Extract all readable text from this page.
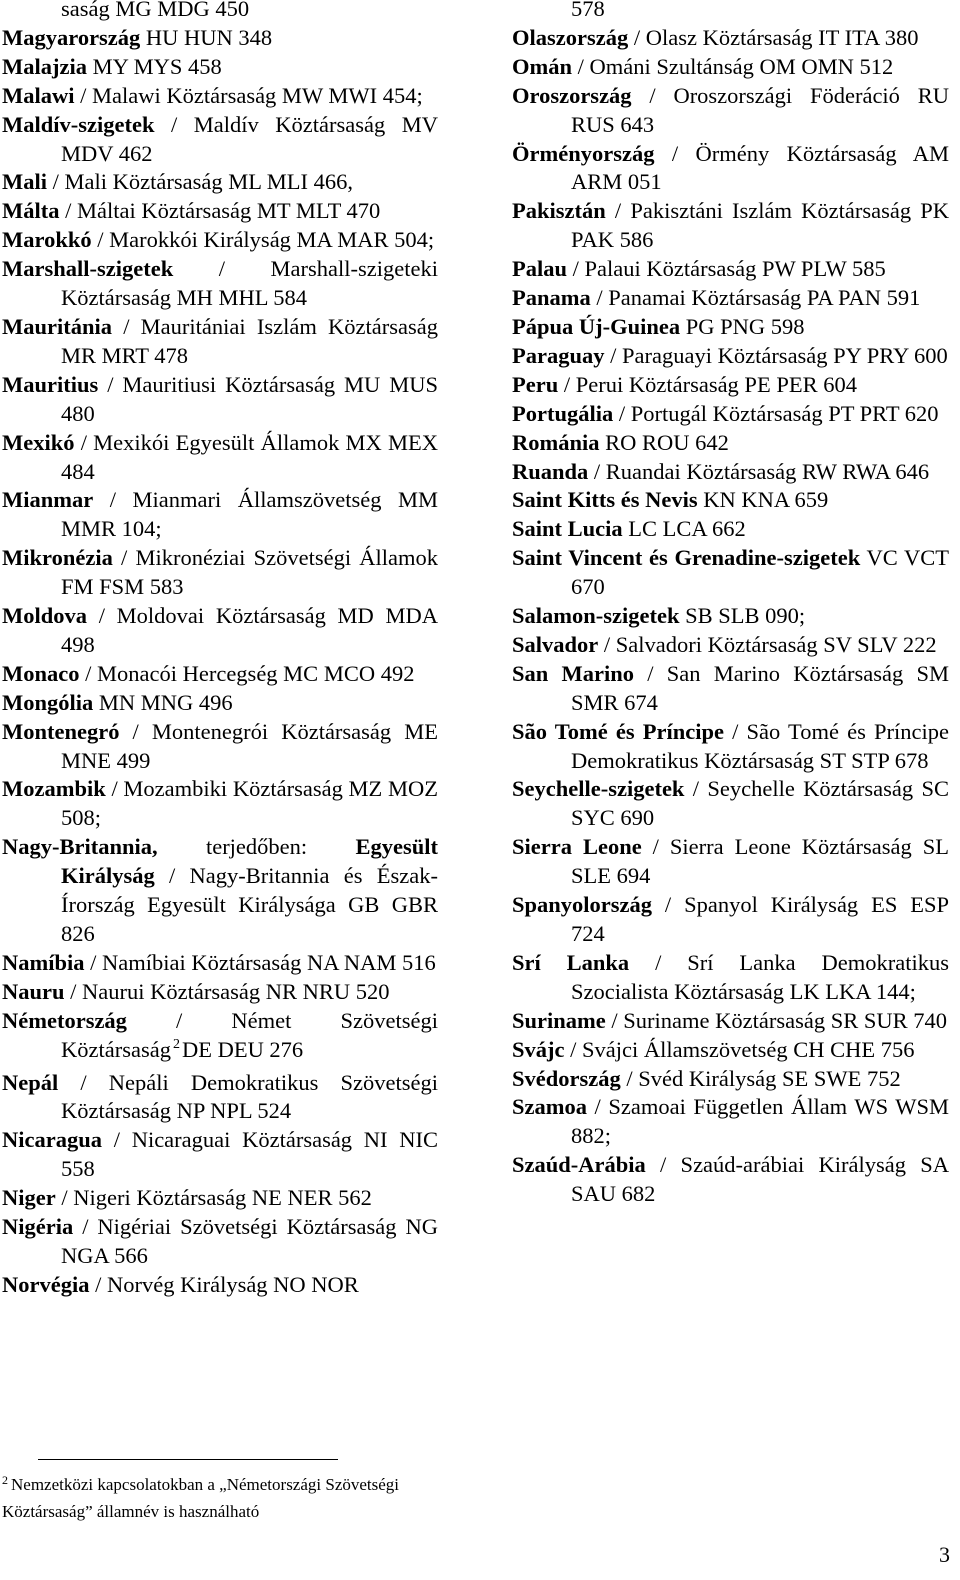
saság MG MDG 450
Magyarország HU HUN 348
Malajzia MY MYS 458
Malawi / Malawi Köztársaság MW MWI 454;
Maldív-szigetek / Maldív Köztársaság MV MDV 462
Mali / Mali Köztársaság ML MLI 466,
Málta / Máltai Köztársaság MT MLT 470
Marokkó / Marokkói Királyság MA MAR 504;
Marshall-szigetek / Marshall-szigeteki Köztársaság MH MHL 584
Mauritánia / Mauritániai Iszlám Köztársaság MR MRT 478
Mauritius / Mauritiusi Köztársaság MU MUS 480
Mexikó / Mexikói Egyesült Államok MX MEX 484
Mianmar / Mianmari Államszövetség MM MMR 104;
Mikronézia / Mikronéziai Szövetségi Államok FM FSM 583
Moldova / Moldovai Köztársaság MD MDA 498
Monaco / Monacói Hercegség MC MCO 492
Mongólia MN MNG 496
Montenegró / Montenegrói Köztársaság ME MNE 499
Mozambik / Mozambiki Köztársaság MZ MOZ 508;
Nagy-Britannia, terjedőben: Egyesült Királyság / Nagy-Britannia és Észak-Írország Egyesült Királysága GB GBR 826
Namíbia / Namíbiai Köztársaság NA NAM 516
Nauru / Naurui Köztársaság NR NRU 520
Németország / Német Szövetségi Köztársaság $^2$DE DEU 276
Nepál / Nepáli Demokratikus Szövetségi Köztársaság NP NPL 524
Nicaragua / Nicaraguai Köztársaság NI NIC 558
Niger / Nigeri Köztársaság NE NER 562
Nigéria / Nigériai Szövetségi Köztársaság NG NGA 566
Norvégia / Norvég Királyság NO NOR
578
Olaszország / Olasz Köztársaság IT ITA 380
Omán / Ománi Szultánság OM OMN 512
Oroszország / Oroszországi Föderáció RU RUS 643
Örményország / Örmény Köztársaság AM ARM 051
Pakisztán / Pakisztáni Iszlám Köztársaság PK PAK 586
Palau / Palaui Köztársaság PW PLW 585
Panama / Panamai Köztársaság PA PAN 591
Pápua Új-Guinea PG PNG 598
Paraguay / Paraguayi Köztársaság PY PRY 600
Peru / Perui Köztársaság PE PER 604
Portugália / Portugál Köztársaság PT PRT 620
Románia RO ROU 642
Ruanda / Ruandai Köztársaság RW RWA 646
Saint Kitts és Nevis KN KNA 659
Saint Lucia LC LCA 662
Saint Vincent és Grenadine-szigetek VC VCT 670
Salamon-szigetek SB SLB 090;
Salvador / Salvadori Köztársaság SV SLV 222
San Marino / San Marino Köztársaság SM SMR 674
São Tomé és Príncipe / São Tomé és Príncipe Demokratikus Köztársaság ST STP 678
Seychelle-szigetek / Seychelle Köztársaság SC SYC 690
Sierra Leone / Sierra Leone Köztársaság SL SLE 694
Spanyolország / Spanyol Királyság ES ESP 724
Srí Lanka / Srí Lanka Demokratikus Szocialista Köztársaság LK LKA 144;
Suriname / Suriname Köztársaság SR SUR 740
Svájc / Svájci Államszövetség CH CHE 756
Svédország / Svéd Királyság SE SWE 752
Szamoa / Szamoai Független Állam WS WSM 882;
Szaúd-Arábia / Szaúd-arábiai Királyság SA SAU 682
$^2$ Nemzetközi kapcsolatokban a „Németországi Szövetségi Köztársaság” államnév is használható
3
